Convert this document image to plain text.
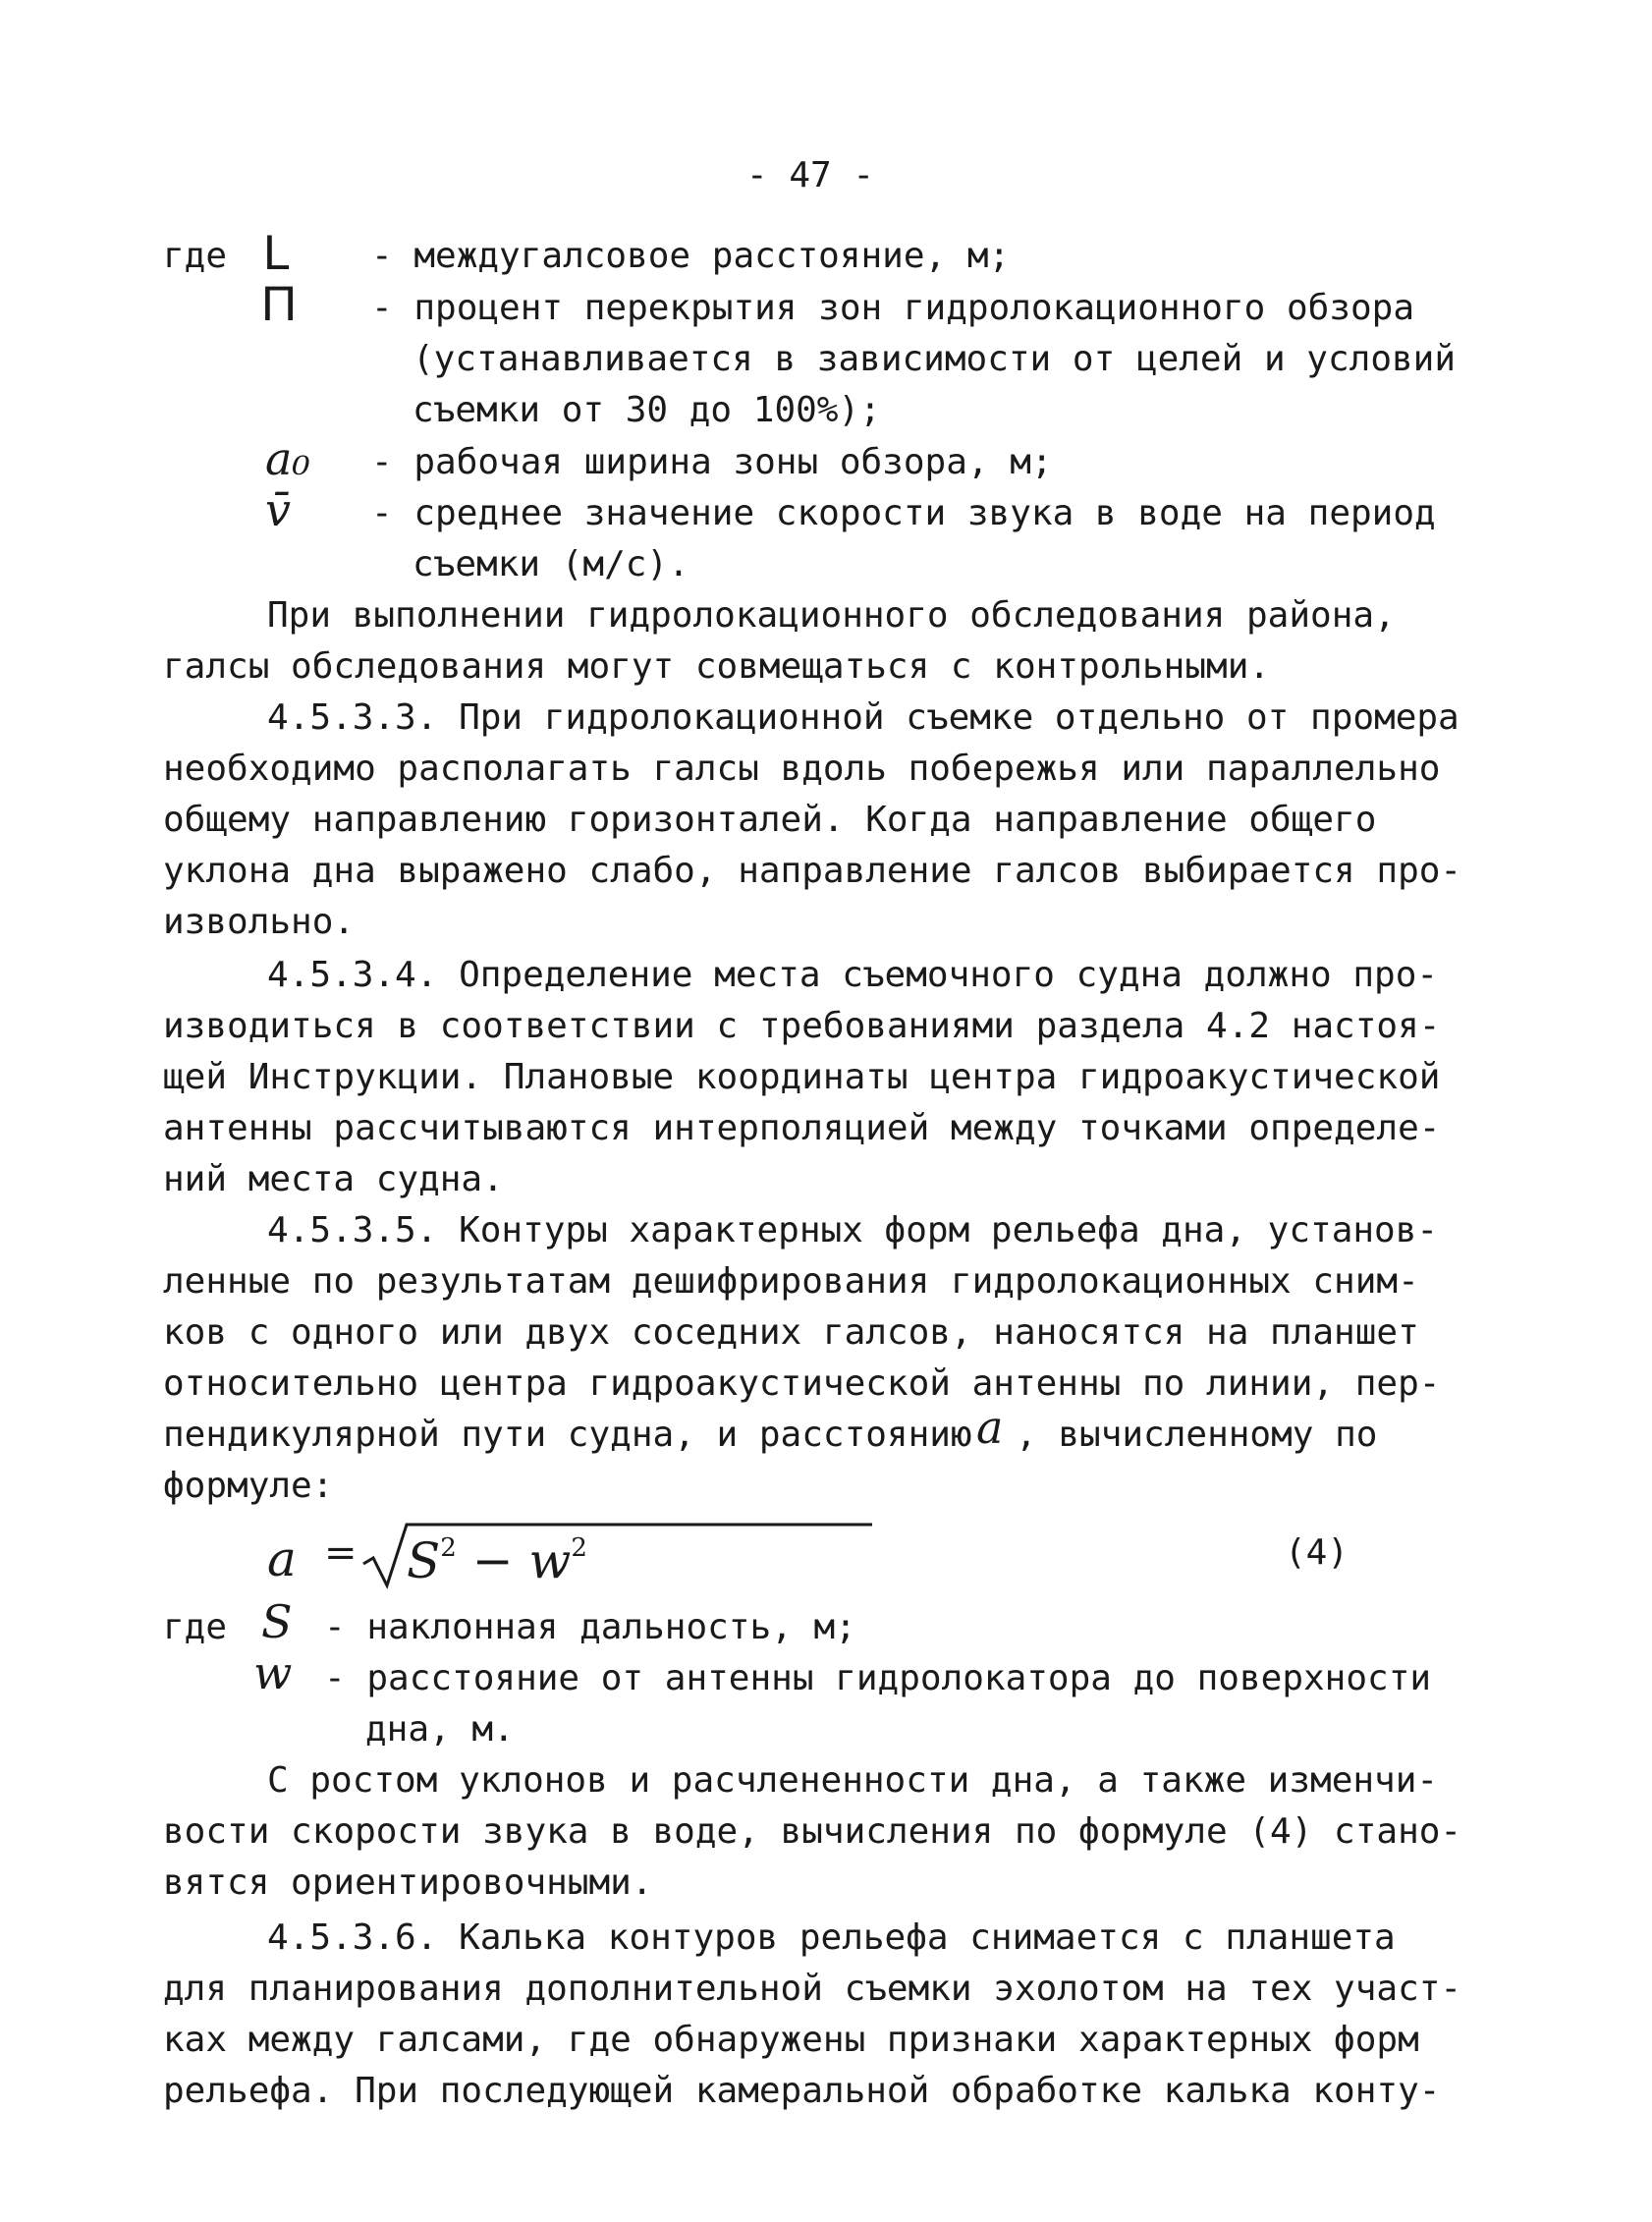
- 47 -
где L - междугалсовое расстояние, м;
П - процент перекрытия зон гидролокационного обзора
(устанавливается в зависимости от целей и условий
съемки от 30 до 100%);
a₀ - рабочая ширина зоны обзора, м;
v̄ - среднее значение скорости звука в воде на период
съемки (м/с).
При выполнении гидролокационного обследования района,
галсы обследования могут совмещаться с контрольными.
4.5.3.3. При гидролокационной съемке отдельно от промера
необходимо располагать галсы вдоль побережья или параллельно
общему направлению горизонталей. Когда направление общего
уклона дна выражено слабо, направление галсов выбирается про-
извольно.
4.5.3.4. Определение места съемочного судна должно про-
изводиться в соответствии с требованиями раздела 4.2 настоя-
щей Инструкции. Плановые координаты центра гидроакустической
антенны рассчитываются интерполяцией между точками определе-
ний места судна.
4.5.3.5. Контуры характерных форм рельефа дна, установ-
ленные по результатам дешифрирования гидролокационных сним-
ков с одного или двух соседних галсов, наносятся на планшет
относительно центра гидроакустической антенны по линии, пер-
пендикулярной пути судна, и расстоянию a , вычисленному по
формуле:
$a = S^2 - w^2$	(4)
где S - наклонная дальность, м;
w - расстояние от антенны гидролокатора до поверхности
дна, м.
С ростом уклонов и расчлененности дна, а также изменчи-
вости скорости звука в воде, вычисления по формуле (4) стано-
вятся ориентировочными.
4.5.3.6. Калька контуров рельефа снимается с планшета
для планирования дополнительной съемки эхолотом на тех участ-
ках между галсами, где обнаружены признаки характерных форм
рельефа. При последующей камеральной обработке калька конту-
